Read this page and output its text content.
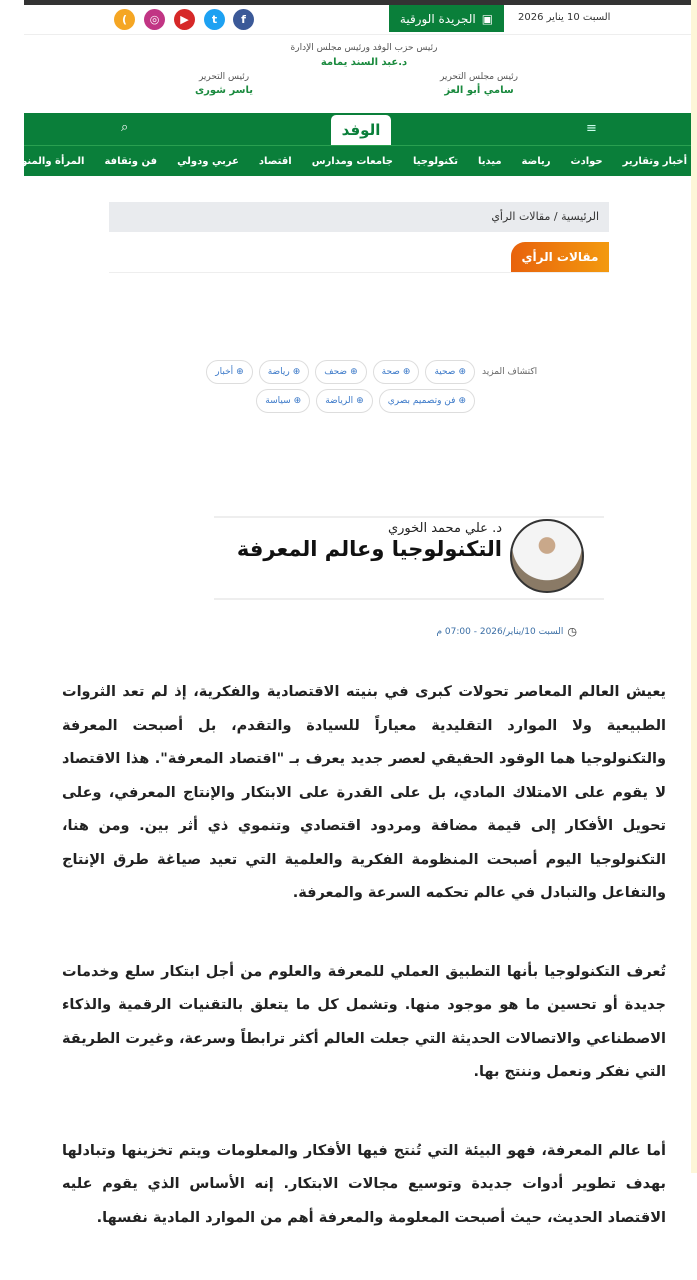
السبت 10 يناير 2026
▣
الجريدة الورقية
f
t
▶
◎
)
رئيس حزب الوفد ورئيس مجلس الإدارة
د.عبد السند يمامة
رئيس مجلس التحرير
سامي أبو العز
رئيس التحرير
ياسر شورى
≡
الوفد
⌕
أخبار وتقارير
حوادث
رياضة
ميديا
تكنولوجيا
جامعات ومدارس
اقتصاد
عربي ودولي
فن وثقافة
المرأة والمنوعات
الرئيسية / مقالات الرأي
مقالات الرأي
اكتشاف المزيد
⊕
صحية
⊕
صحة
⊕
ضحف
⊕
رياضة
⊕
أخبار
⊕
فن وتصميم بصري
⊕
الرياضة
⊕
سياسة
د. علي محمد الخوري
التكنولوجيا وعالم المعرفة
◷
السبت 10/يناير/2026 - 07:00 م

يعيش العالم المعاصر تحولات كبرى في بنيته الاقتصادية والفكرية، إذ لم تعد الثروات الطبيعية ولا الموارد التقليدية معياراً للسيادة والتقدم، بل أصبحت المعرفة والتكنولوجيا هما الوقود الحقيقي لعصر جديد يعرف بـ "اقتصاد المعرفة". هذا الاقتصاد لا يقوم على الامتلاك المادي، بل على القدرة على الابتكار والإنتاج المعرفي، وعلى تحويل الأفكار إلى قيمة مضافة ومردود اقتصادي وتنموي ذي أثر بين. ومن هنا، التكنولوجيا اليوم أصبحت المنظومة الفكرية والعلمية التي تعيد صياغة طرق الإنتاج والتفاعل والتبادل في عالم تحكمه السرعة والمعرفة.

تُعرف التكنولوجيا بأنها التطبيق العملي للمعرفة والعلوم من أجل ابتكار سلع وخدمات جديدة أو تحسين ما هو موجود منها. وتشمل كل ما يتعلق بالتقنيات الرقمية والذكاء الاصطناعي والاتصالات الحديثة التي جعلت العالم أكثر ترابطاً وسرعة، وغيرت الطريقة التي نفكر ونعمل وننتج بها.

أما عالم المعرفة، فهو البيئة التي تُنتج فيها الأفكار والمعلومات ويتم تخزينها وتبادلها بهدف تطوير أدوات جديدة وتوسيع مجالات الابتكار. إنه الأساس الذي يقوم عليه الاقتصاد الحديث، حيث أصبحت المعلومة والمعرفة أهم من الموارد المادية نفسها.
